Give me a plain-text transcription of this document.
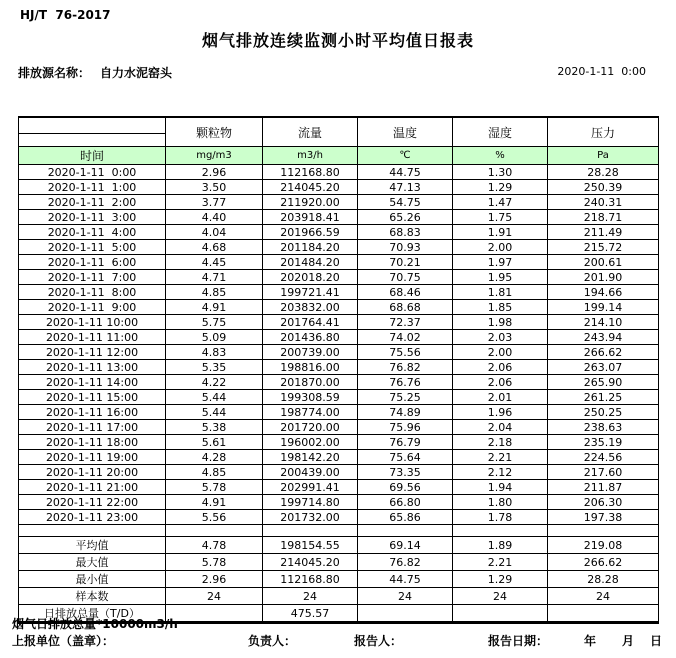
HJ/T  76-2017
烟气排放连续监测小时平均值日报表
排放源名称： 自力水泥窑头	2020-1-11  0:00
	颗粒物	流量	温度	湿度	压力

时间	mg/m3	m3/h	℃	%	Pa
2020-1-11  0:00	2.96	112168.80	44.75	1.30	28.28
2020-1-11  1:00	3.50	214045.20	47.13	1.29	250.39
2020-1-11  2:00	3.77	211920.00	54.75	1.47	240.31
2020-1-11  3:00	4.40	203918.41	65.26	1.75	218.71
2020-1-11  4:00	4.04	201966.59	68.83	1.91	211.49
2020-1-11  5:00	4.68	201184.20	70.93	2.00	215.72
2020-1-11  6:00	4.45	201484.20	70.21	1.97	200.61
2020-1-11  7:00	4.71	202018.20	70.75	1.95	201.90
2020-1-11  8:00	4.85	199721.41	68.46	1.81	194.66
2020-1-11  9:00	4.91	203832.00	68.68	1.85	199.14
2020-1-11 10:00	5.75	201764.41	72.37	1.98	214.10
2020-1-11 11:00	5.09	201436.80	74.02	2.03	243.94
2020-1-11 12:00	4.83	200739.00	75.56	2.00	266.62
2020-1-11 13:00	5.35	198816.00	76.82	2.06	263.07
2020-1-11 14:00	4.22	201870.00	76.76	2.06	265.90
2020-1-11 15:00	5.44	199308.59	75.25	2.01	261.25
2020-1-11 16:00	5.44	198774.00	74.89	1.96	250.25
2020-1-11 17:00	5.38	201720.00	75.96	2.04	238.63
2020-1-11 18:00	5.61	196002.00	76.79	2.18	235.19
2020-1-11 19:00	4.28	198142.20	75.64	2.21	224.56
2020-1-11 20:00	4.85	200439.00	73.35	2.12	217.60
2020-1-11 21:00	5.78	202991.41	69.56	1.94	211.87
2020-1-11 22:00	4.91	199714.80	66.80	1.80	206.30
2020-1-11 23:00	5.56	201732.00	65.86	1.78	197.38

平均值	4.78	198154.55	69.14	1.89	219.08
最大值	5.78	214045.20	76.82	2.21	266.62
最小值	2.96	112168.80	44.75	1.29	28.28
样本数	24	24	24	24	24
日排放总量（T/D）		475.57			
烟气日排放总量*10000m3/h
上报单位（盖章）：	负责人：	报告人：	报告日期：	年 月 日
